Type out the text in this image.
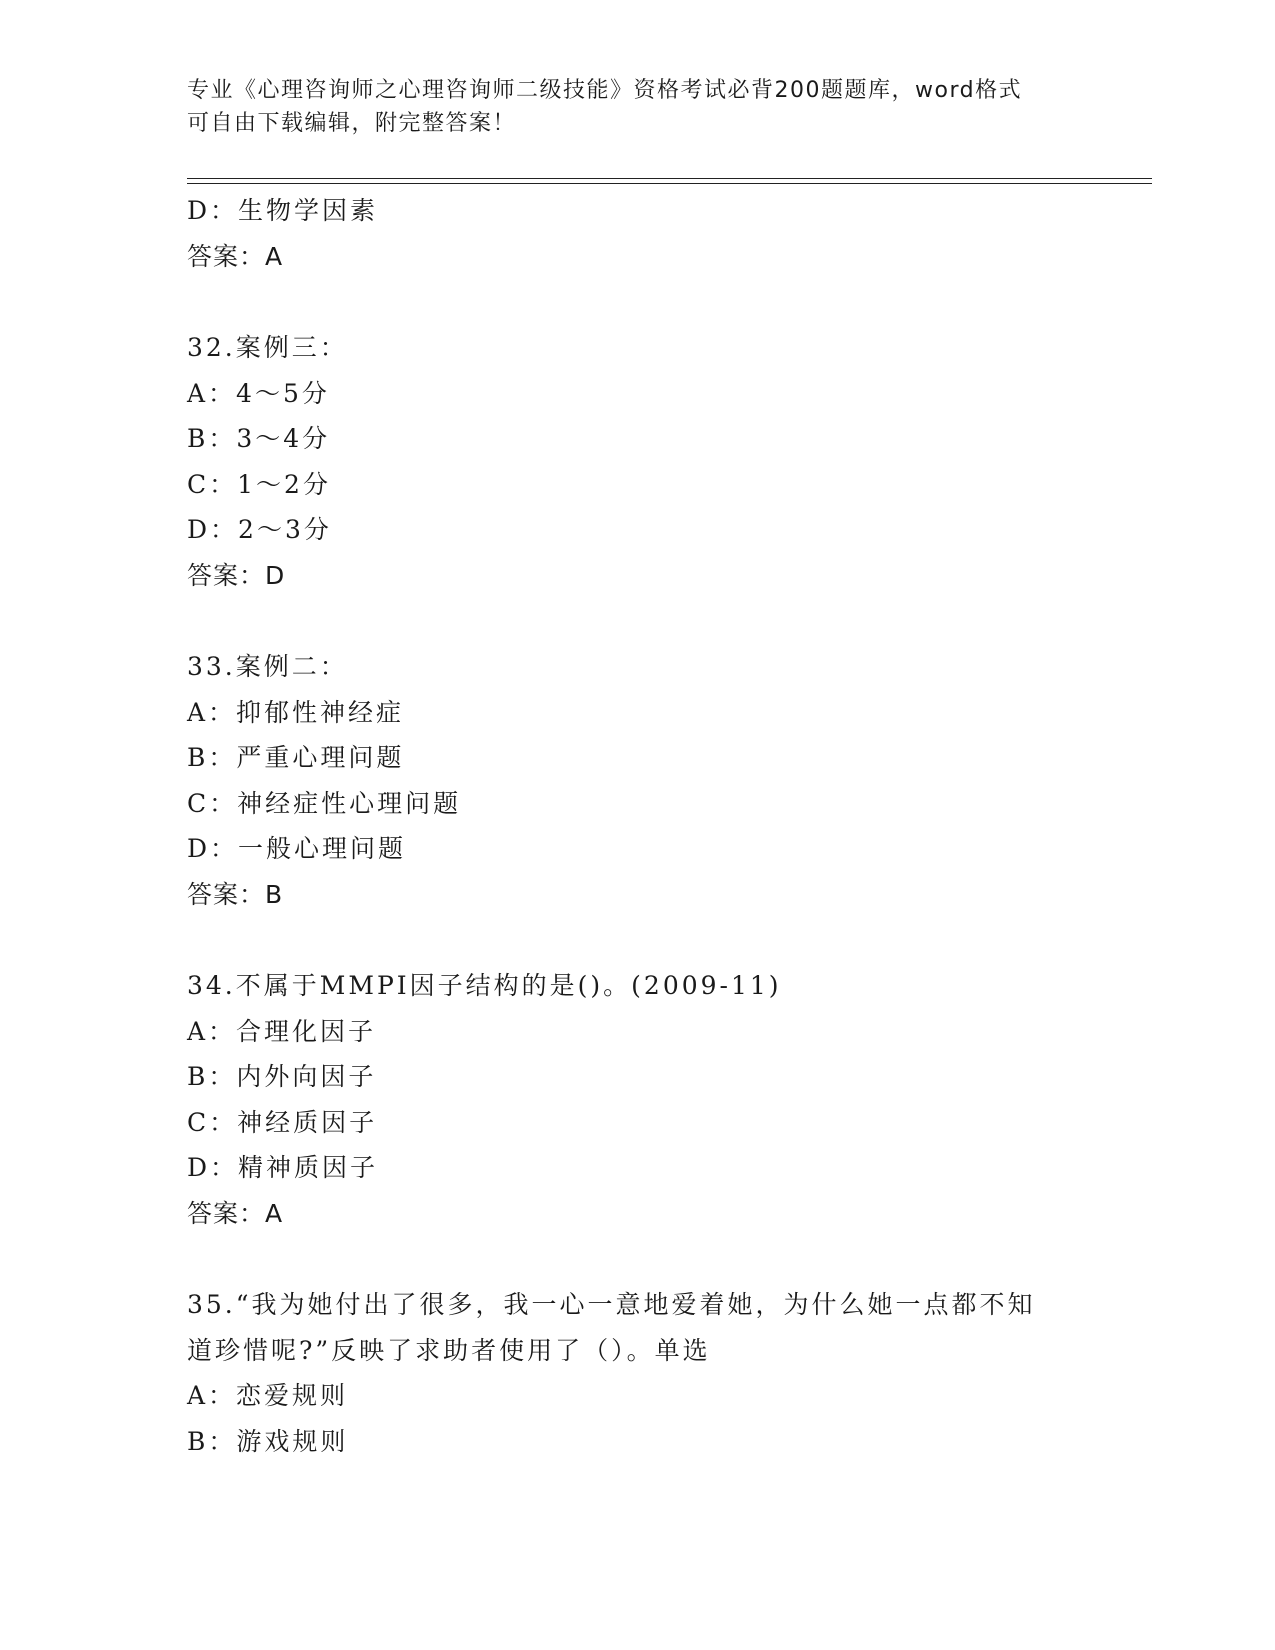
专业《心理咨询师之心理咨询师二级技能》资格考试必背200题题库，word格式
可自由下载编辑，附完整答案！
D：生物学因素
答案：A
32.案例三：
A：4～5分
B：3～4分
C：1～2分
D：2～3分
答案：D
33.案例二：
A：抑郁性神经症
B：严重心理问题
C：神经症性心理问题
D：一般心理问题
答案：B
34.不属于MMPI因子结构的是()。(2009-11)
A：合理化因子
B：内外向因子
C：神经质因子
D：精神质因子
答案：A
35.“我为她付出了很多，我一心一意地爱着她，为什么她一点都不知
道珍惜呢?”反映了求助者使用了（）。单选
A：恋爱规则
B：游戏规则
